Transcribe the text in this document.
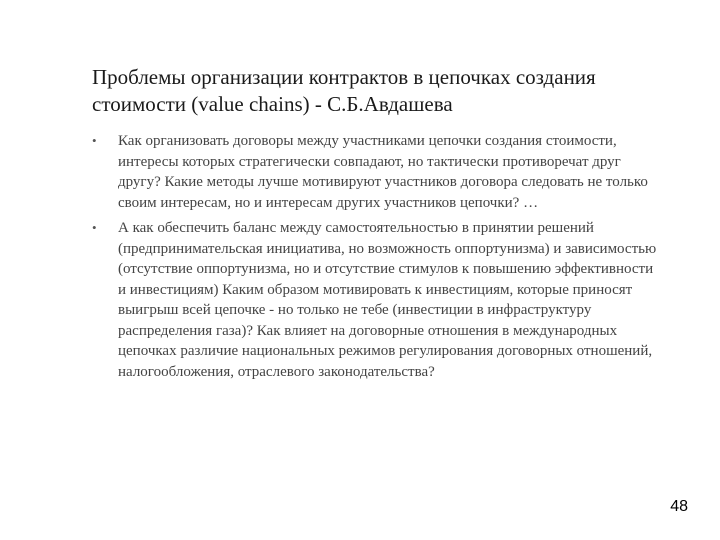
Проблемы организации контрактов в цепочках создания стоимости (value chains) - С.Б.Авдашева
• Как организовать договоры между участниками цепочки создания стоимости, интересы которых стратегически совпадают, но тактически противоречат друг другу? Какие методы лучше мотивируют участников договора следовать не только своим интересам, но и интересам других участников цепочки? …
• А как обеспечить баланс между самостоятельностью в принятии решений (предпринимательская инициатива, но возможность оппортунизма) и зависимостью (отсутствие оппортунизма, но и отсутствие стимулов к повышению эффективности и инвестициям) Каким образом мотивировать к инвестициям, которые приносят выигрыш всей цепочке - но только не тебе (инвестиции в инфраструктуру распределения газа)? Как влияет на договорные отношения в международных цепочках различие национальных режимов регулирования договорных отношений, налогообложения, отраслевого законодательства?
48
